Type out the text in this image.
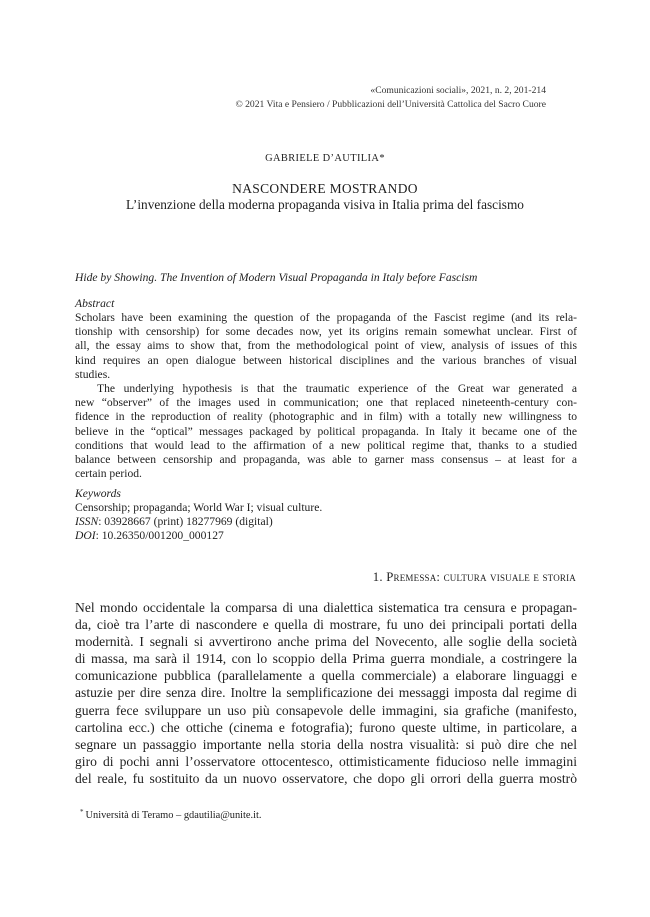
«Comunicazioni sociali», 2021, n. 2, 201-214
© 2021 Vita e Pensiero / Pubblicazioni dell’Università Cattolica del Sacro Cuore
GABRIELE D’AUTILIA*
NASCONDERE MOSTRANDO
L’invenzione della moderna propaganda visiva in Italia prima del fascismo
Hide by Showing. The Invention of Modern Visual Propaganda in Italy before Fascism
Abstract
Scholars have been examining the question of the propaganda of the Fascist regime (and its rela-
tionship with censorship) for some decades now, yet its origins remain somewhat unclear. First of
all, the essay aims to show that, from the methodological point of view, analysis of issues of this
kind requires an open dialogue between historical disciplines and the various branches of visual
studies.
The underlying hypothesis is that the traumatic experience of the Great war generated a
new “observer” of the images used in communication; one that replaced nineteenth-century con-
fidence in the reproduction of reality (photographic and in film) with a totally new willingness to
believe in the “optical” messages packaged by political propaganda. In Italy it became one of the
conditions that would lead to the affirmation of a new political regime that, thanks to a studied
balance between censorship and propaganda, was able to garner mass consensus – at least for a
certain period.
Keywords
Censorship; propaganda; World War I; visual culture.
ISSN: 03928667 (print) 18277969 (digital)
DOI: 10.26350/001200_000127
1. Premessa: cultura visuale e storia
Nel mondo occidentale la comparsa di una dialettica sistematica tra censura e propagan-
da, cioè tra l’arte di nascondere e quella di mostrare, fu uno dei principali portati della
modernità. I segnali si avvertirono anche prima del Novecento, alle soglie della società
di massa, ma sarà il 1914, con lo scoppio della Prima guerra mondiale, a costringere la
comunicazione pubblica (parallelamente a quella commerciale) a elaborare linguaggi e
astuzie per dire senza dire. Inoltre la semplificazione dei messaggi imposta dal regime di
guerra fece sviluppare un uso più consapevole delle immagini, sia grafiche (manifesto,
cartolina ecc.) che ottiche (cinema e fotografia); furono queste ultime, in particolare, a
segnare un passaggio importante nella storia della nostra visualità: si può dire che nel
giro di pochi anni l’osservatore ottocentesco, ottimisticamente fiducioso nelle immagini
del reale, fu sostituito da un nuovo osservatore, che dopo gli orrori della guerra mostrò
* Università di Teramo – gdautilia@unite.it.
